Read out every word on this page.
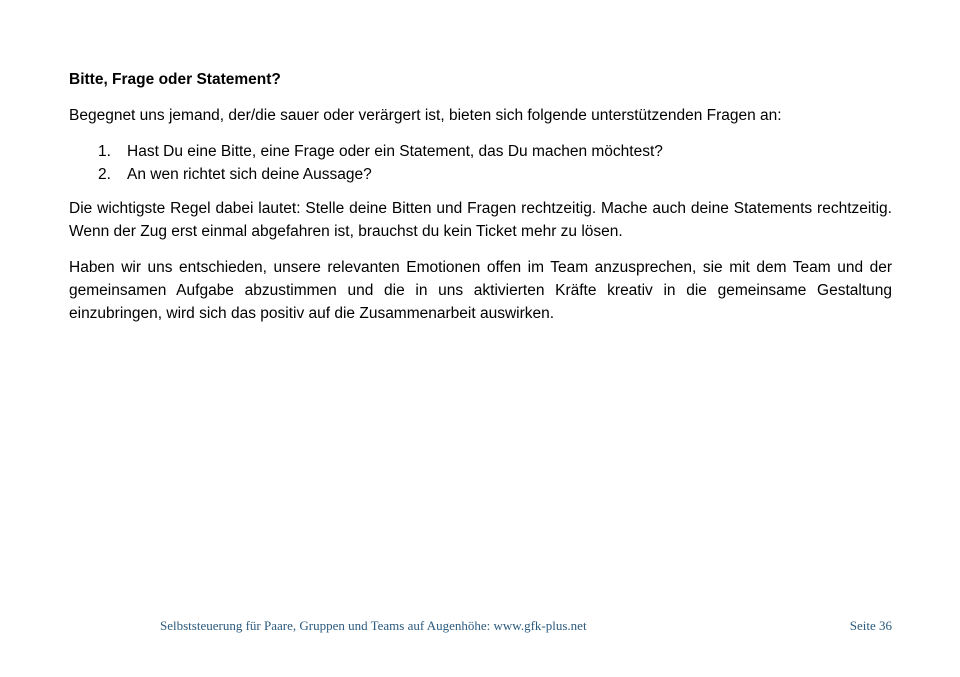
Bitte, Frage oder Statement?
Begegnet uns jemand, der/die sauer oder verärgert ist, bieten sich folgende unterstützenden Fragen an:
1.	Hast Du eine Bitte, eine Frage oder ein Statement, das Du machen möchtest?
2.	An wen richtet sich deine Aussage?
Die wichtigste Regel dabei lautet: Stelle deine Bitten und Fragen rechtzeitig. Mache auch deine Statements rechtzeitig. Wenn der Zug erst einmal abgefahren ist, brauchst du kein Ticket mehr zu lösen.
Haben wir uns entschieden, unsere relevanten Emotionen offen im Team anzusprechen, sie mit dem Team und der gemeinsamen Aufgabe abzustimmen und die in uns aktivierten Kräfte kreativ in die gemeinsame Gestaltung einzubringen, wird sich das positiv auf die Zusammenarbeit auswirken.
Selbststeuerung für Paare, Gruppen und Teams auf Augenhöhe: www.gfk-plus.net	Seite 36
